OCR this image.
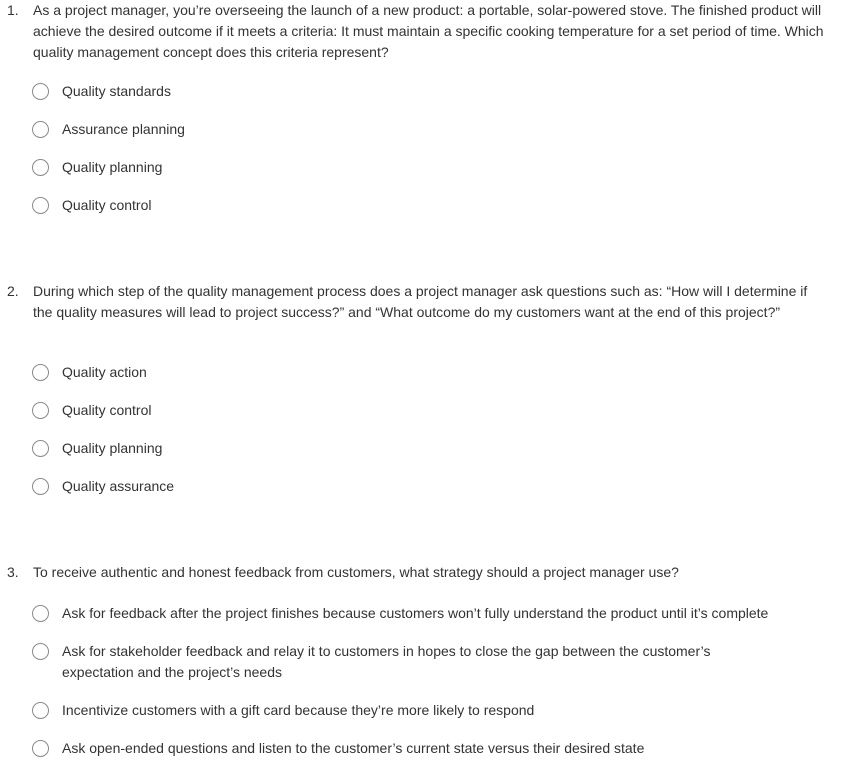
1. As a project manager, you’re overseeing the launch of a new product: a portable, solar-powered stove. The finished product will achieve the desired outcome if it meets a criteria: It must maintain a specific cooking temperature for a set period of time. Which quality management concept does this criteria represent?
Quality standards
Assurance planning
Quality planning
Quality control
2. During which step of the quality management process does a project manager ask questions such as: “How will I determine if the quality measures will lead to project success?” and “What outcome do my customers want at the end of this project?”
Quality action
Quality control
Quality planning
Quality assurance
3. To receive authentic and honest feedback from customers, what strategy should a project manager use?
Ask for feedback after the project finishes because customers won’t fully understand the product until it’s complete
Ask for stakeholder feedback and relay it to customers in hopes to close the gap between the customer’s expectation and the project’s needs
Incentivize customers with a gift card because they’re more likely to respond
Ask open-ended questions and listen to the customer’s current state versus their desired state
